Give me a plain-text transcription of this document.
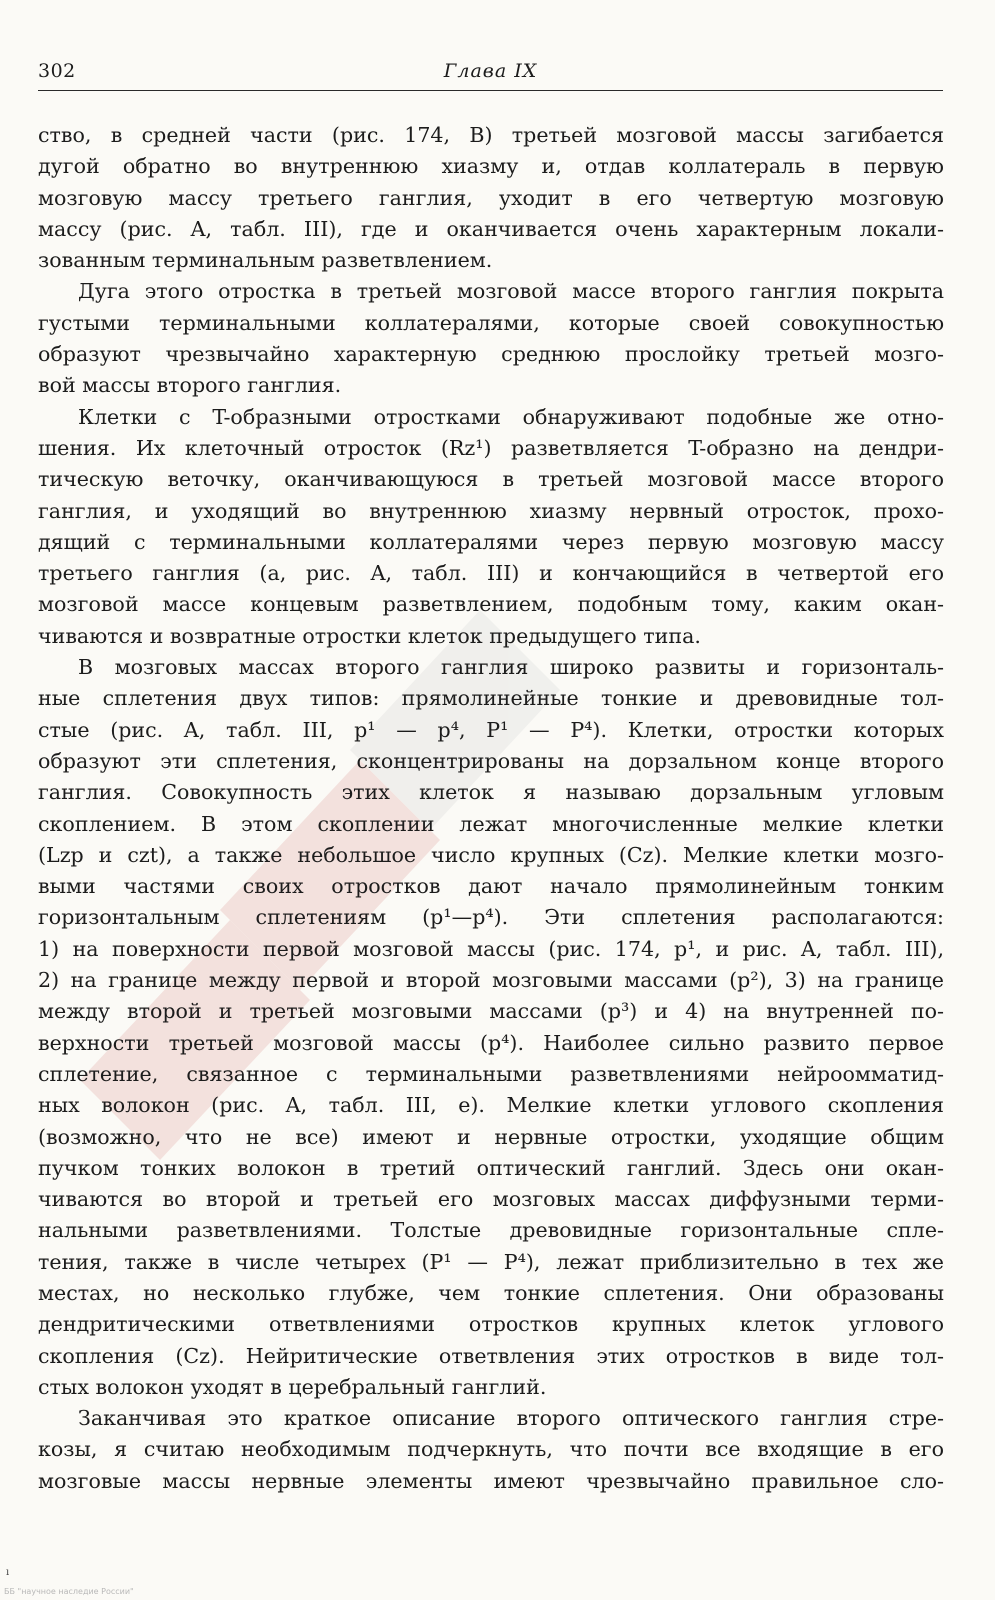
302	Глава IX
ство, в средней части (рис. 174, B) третьей мозговой массы загибается
дугой обратно во внутреннюю хиазму и, отдав коллатераль в первую
мозговую массу третьего ганглия, уходит в его четвертую мозговую
массу (рис. A, табл. III), где и оканчивается очень характерным локали-
зованным терминальным разветвлением.
Дуга этого отростка в третьей мозговой массе второго ганглия покрыта
густыми терминальными коллатералями, которые своей совокупностью
образуют чрезвычайно характерную среднюю прослойку третьей мозго-
вой массы второго ганглия.
Клетки с T-образными отростками обнаруживают подобные же отно-
шения. Их клеточный отросток (Rz¹) разветвляется T-образно на дендри-
тическую веточку, оканчивающуюся в третьей мозговой массе второго
ганглия, и уходящий во внутреннюю хиазму нервный отросток, прохо-
дящий с терминальными коллатералями через первую мозговую массу
третьего ганглия (a, рис. A, табл. III) и кончающийся в четвертой его
мозговой массе концевым разветвлением, подобным тому, каким окан-
чиваются и возвратные отростки клеток предыдущего типа.
В мозговых массах второго ганглия широко развиты и горизонталь-
ные сплетения двух типов: прямолинейные тонкие и древовидные тол-
стые (рис. A, табл. III, p¹ — p⁴, P¹ — P⁴). Клетки, отростки которых
образуют эти сплетения, сконцентрированы на дорзальном конце второго
ганглия. Совокупность этих клеток я называю дорзальным угловым
скоплением. В этом скоплении лежат многочисленные мелкие клетки
(Lzp и czt), а также небольшое число крупных (Cz). Мелкие клетки мозго-
выми частями своих отростков дают начало прямолинейным тонким
горизонтальным сплетениям (p¹—p⁴). Эти сплетения располагаются:
1) на поверхности первой мозговой массы (рис. 174, p¹, и рис. A, табл. III),
2) на границе между первой и второй мозговыми массами (p²), 3) на границе
между второй и третьей мозговыми массами (p³) и 4) на внутренней по-
верхности третьей мозговой массы (p⁴). Наиболее сильно развито первое
сплетение, связанное с терминальными разветвлениями нейроомматид-
ных волокон (рис. A, табл. III, e). Мелкие клетки углового скопления
(возможно, что не все) имеют и нервные отростки, уходящие общим
пучком тонких волокон в третий оптический ганглий. Здесь они окан-
чиваются во второй и третьей его мозговых массах диффузными терми-
нальными разветвлениями. Толстые древовидные горизонтальные спле-
тения, также в числе четырех (P¹ — P⁴), лежат приблизительно в тех же
местах, но несколько глубже, чем тонкие сплетения. Они образованы
дендритическими ответвлениями отростков крупных клеток углового
скопления (Cz). Нейритические ответвления этих отростков в виде тол-
стых волокон уходят в церебральный ганглий.
Заканчивая это краткое описание второго оптического ганглия стре-
козы, я считаю необходимым подчеркнуть, что почти все входящие в его
мозговые массы нервные элементы имеют чрезвычайно правильное сло-
ı
ББ "научное наследие России"
